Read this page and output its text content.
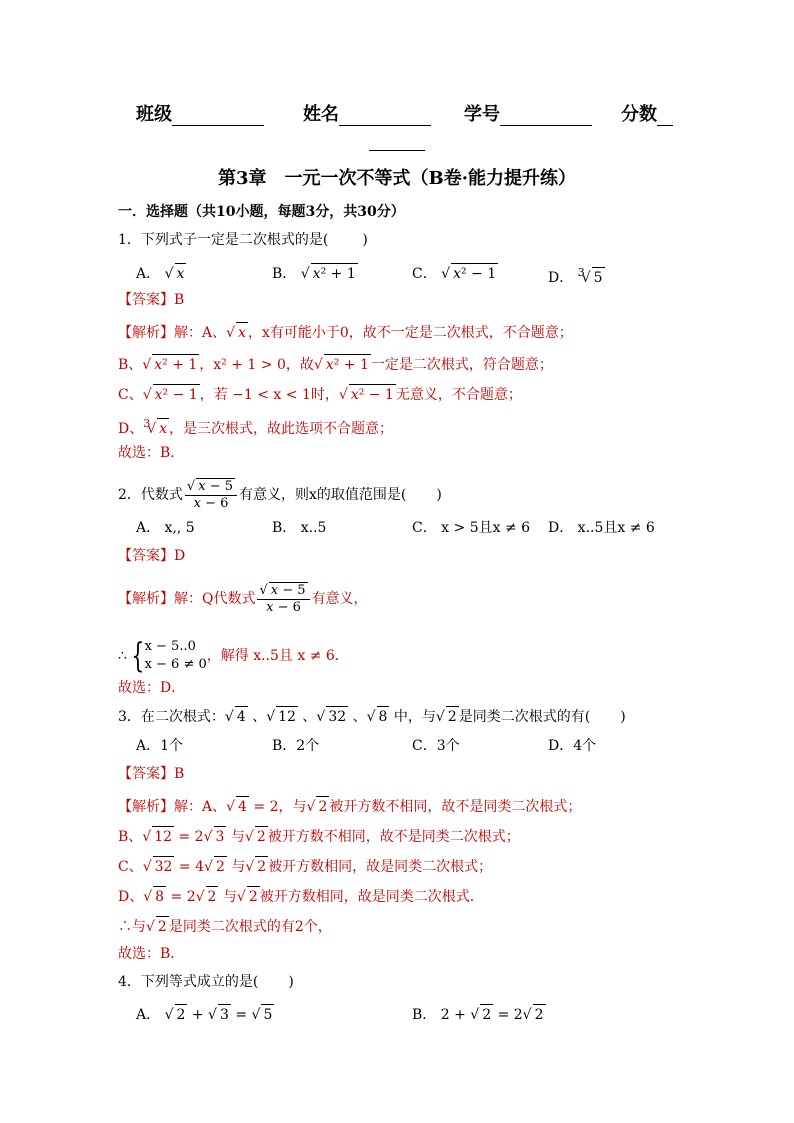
班级	姓名	学号	分数
第3章　一元一次不等式（B卷·能力提升练）
一．选择题（共10小题，每题3分，共30分）
1．下列式子一定是二次根式的是( )
A． √ x	B． √ x² + 1	C． √ x² − 1	D． $^3$√ 5
【答案】B
【解析】解：A、√ x ，x有可能小于0，故不一定是二次根式，不合题意；
B、√ x² + 1 ，x² + 1 > 0，故√ x² + 1 一定是二次根式，符合题意；
C、√ x² − 1 ，若 −1 < x < 1时，√ x² − 1 无意义，不合题意；
D、$^3$√ x ，是三次根式，故此选项不合题意；
故选：B．
2．代数式 $\frac{√ x - 5}{x - 6}$ 有意义，则x的取值范围是( )
A． x,, 5	B． x..5	C． x > 5且x ≠ 6 D． x..5且x ≠ 6
【答案】D
【解析】解：Q代数式 $\frac{√ x - 5}{x - 6}$ 有意义，
∴ { x − 5..0
x − 6 ≠ 0
，解得 x..5且 x ≠ 6．
故选：D．
3．在二次根式：√ 4 、√ 12 、√ 32 、√ 8 中，与√ 2 是同类二次根式的有( )
A．1个	B．2个	C．3个	D．4个
【答案】B
【解析】解：A、√ 4 = 2，与√ 2 被开方数不相同，故不是同类二次根式；
B、√ 12 = 2√ 3 与√ 2 被开方数不相同，故不是同类二次根式；
C、√ 32 = 4√ 2 与√ 2 被开方数相同，故是同类二次根式；
D、√ 8 = 2√ 2 与√ 2 被开方数相同，故是同类二次根式．
∴与√ 2 是同类二次根式的有2个，
故选：B．
4．下列等式成立的是( )
A． √ 2 + √ 3 = √ 5	B． 2 + √ 2 = 2√ 2
